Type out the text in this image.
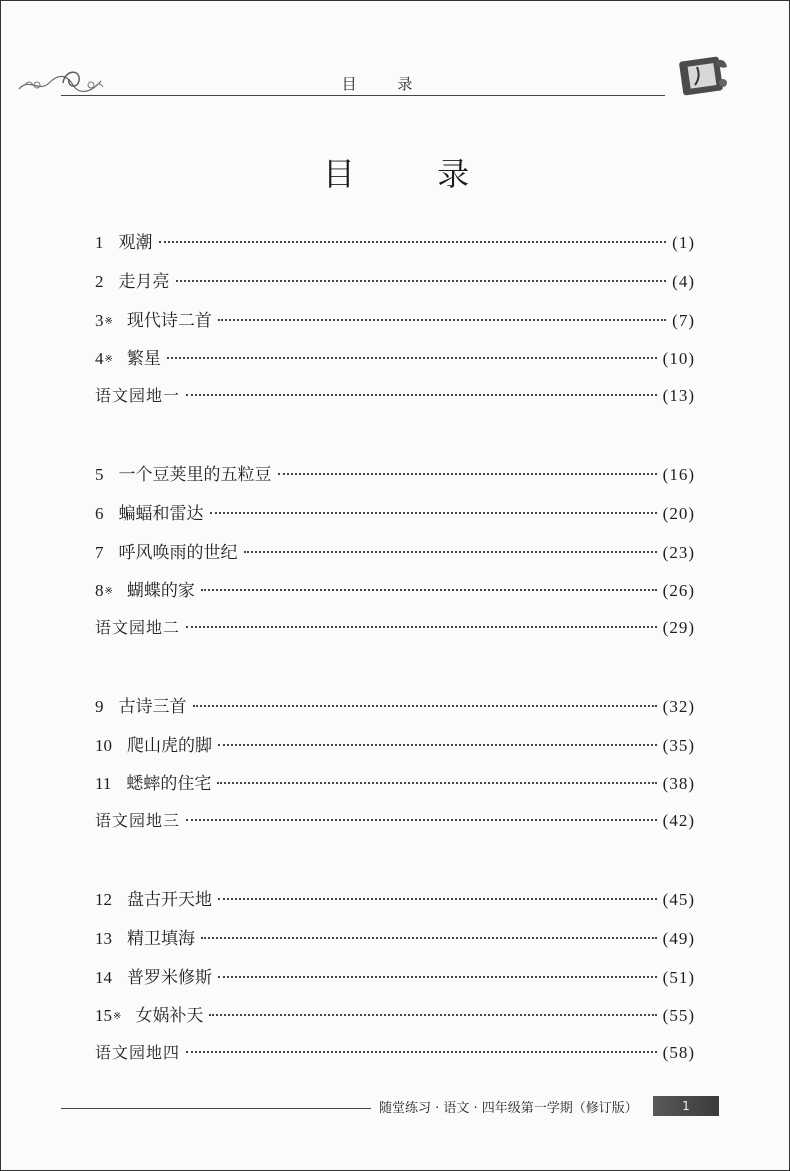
目 录
目 录
1 观潮	(1)
2 走月亮	(4)
3 ※ 现代诗二首	(7)
4 ※ 繁星	(10)
语文园地一	(13)
5 一个豆荚里的五粒豆	(16)
6 蝙蝠和雷达	(20)
7 呼风唤雨的世纪	(23)
8 ※ 蝴蝶的家	(26)
语文园地二	(29)
9 古诗三首	(32)
10 爬山虎的脚	(35)
11 蟋蟀的住宅	(38)
语文园地三	(42)
12 盘古开天地	(45)
13 精卫填海	(49)
14 普罗米修斯	(51)
15 ※ 女娲补天	(55)
语文园地四	(58)
随堂练习 · 语文 · 四年级第一学期（修订版）	1
